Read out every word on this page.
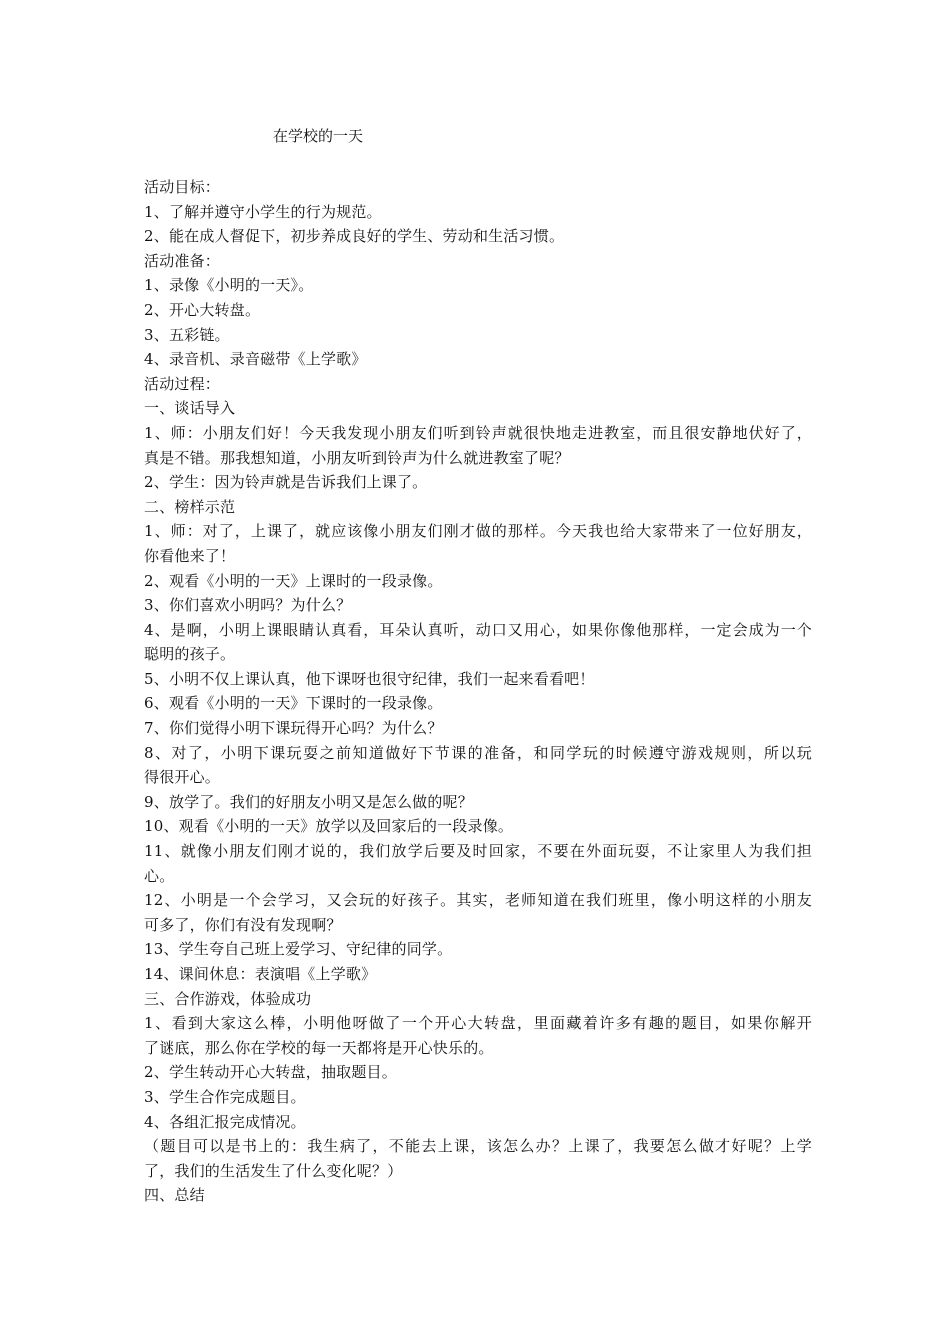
在学校的一天
活动目标：
1、了解并遵守小学生的行为规范。
2、能在成人督促下，初步养成良好的学生、劳动和生活习惯。
活动准备：
1、录像《小明的一天》。
2、开心大转盘。
3、五彩链。
4、录音机、录音磁带《上学歌》
活动过程：
一、谈话导入
1、师：小朋友们好！今天我发现小朋友们听到铃声就很快地走进教室，而且很安静地伏好了，
真是不错。那我想知道，小朋友听到铃声为什么就进教室了呢？
2、学生：因为铃声就是告诉我们上课了。
二、榜样示范
1、师：对了，上课了，就应该像小朋友们刚才做的那样。今天我也给大家带来了一位好朋友，
你看他来了！
2、观看《小明的一天》上课时的一段录像。
3、你们喜欢小明吗？为什么？
4、是啊，小明上课眼睛认真看，耳朵认真听，动口又用心，如果你像他那样，一定会成为一个
聪明的孩子。
5、小明不仅上课认真，他下课呀也很守纪律，我们一起来看看吧！
6、观看《小明的一天》下课时的一段录像。
7、你们觉得小明下课玩得开心吗？为什么？
8、对了，小明下课玩耍之前知道做好下节课的准备，和同学玩的时候遵守游戏规则，所以玩
得很开心。
9、放学了。我们的好朋友小明又是怎么做的呢？
10、观看《小明的一天》放学以及回家后的一段录像。
11、就像小朋友们刚才说的，我们放学后要及时回家，不要在外面玩耍，不让家里人为我们担
心。
12、小明是一个会学习，又会玩的好孩子。其实，老师知道在我们班里，像小明这样的小朋友
可多了，你们有没有发现啊？
13、学生夸自己班上爱学习、守纪律的同学。
14、课间休息：表演唱《上学歌》
三、合作游戏，体验成功
1、看到大家这么棒，小明他呀做了一个开心大转盘，里面藏着许多有趣的题目，如果你解开
了谜底，那么你在学校的每一天都将是开心快乐的。
2、学生转动开心大转盘，抽取题目。
3、学生合作完成题目。
4、各组汇报完成情况。
（题目可以是书上的：我生病了，不能去上课，该怎么办？上课了，我要怎么做才好呢？上学
了，我们的生活发生了什么变化呢？）
四、总结
